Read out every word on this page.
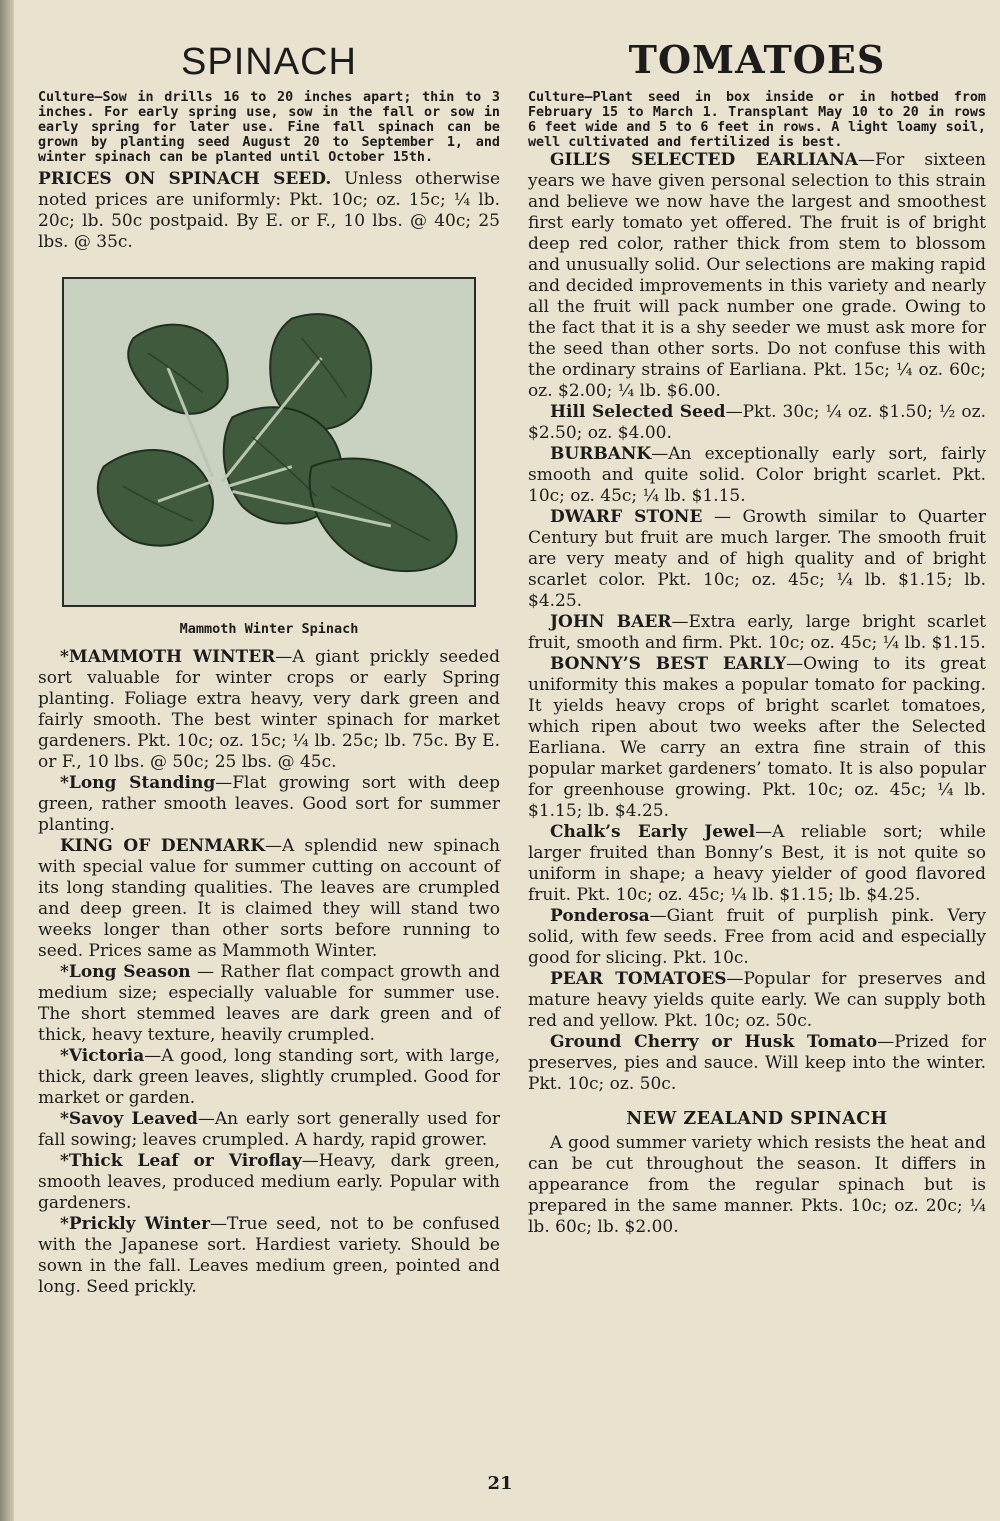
SPINACH

Culture—Sow in drills 16 to 20 inches apart; thin to 3 inches. For early spring use, sow in the fall or sow in early spring for later use. Fine fall spinach can be grown by planting seed August 20 to September 1, and winter spinach can be planted until October 15th.

PRICES ON SPINACH SEED. Unless otherwise noted prices are uniformly: Pkt. 10c; oz. 15c; ¼ lb. 20c; lb. 50c postpaid. By E. or F., 10 lbs. @ 40c; 25 lbs. @ 35c.

Mammoth Winter Spinach

*MAMMOTH WINTER—A giant prickly seeded sort valuable for winter crops or early Spring planting. Foliage extra heavy, very dark green and fairly smooth. The best winter spinach for market gardeners. Pkt. 10c; oz. 15c; ¼ lb. 25c; lb. 75c. By E. or F., 10 lbs. @ 50c; 25 lbs. @ 45c.

*Long Standing—Flat growing sort with deep green, rather smooth leaves. Good sort for summer planting.

KING OF DENMARK—A splendid new spinach with special value for summer cutting on account of its long standing qualities. The leaves are crumpled and deep green. It is claimed they will stand two weeks longer than other sorts before running to seed. Prices same as Mammoth Winter.

*Long Season — Rather flat compact growth and medium size; especially valuable for summer use. The short stemmed leaves are dark green and of thick, heavy texture, heavily crumpled.

*Victoria—A good, long standing sort, with large, thick, dark green leaves, slightly crumpled. Good for market or garden.

*Savoy Leaved—An early sort generally used for fall sowing; leaves crumpled. A hardy, rapid grower.

*Thick Leaf or Viroflay—Heavy, dark green, smooth leaves, produced medium early. Popular with gardeners.

*Prickly Winter—True seed, not to be confused with the Japanese sort. Hardiest variety. Should be sown in the fall. Leaves medium green, pointed and long. Seed prickly.

TOMATOES

Culture—Plant seed in box inside or in hotbed from February 15 to March 1. Transplant May 10 to 20 in rows 6 feet wide and 5 to 6 feet in rows. A light loamy soil, well cultivated and fertilized is best.

GILL’S SELECTED EARLIANA—For sixteen years we have given personal selection to this strain and believe we now have the largest and smoothest first early tomato yet offered. The fruit is of bright deep red color, rather thick from stem to blossom and unusually solid. Our selections are making rapid and decided improvements in this variety and nearly all the fruit will pack number one grade. Owing to the fact that it is a shy seeder we must ask more for the seed than other sorts. Do not confuse this with the ordinary strains of Earliana. Pkt. 15c; ¼ oz. 60c; oz. $2.00; ¼ lb. $6.00.

Hill Selected Seed—Pkt. 30c; ¼ oz. $1.50; ½ oz. $2.50; oz. $4.00.

BURBANK—An exceptionally early sort, fairly smooth and quite solid. Color bright scarlet. Pkt. 10c; oz. 45c; ¼ lb. $1.15.

DWARF STONE — Growth similar to Quarter Century but fruit are much larger. The smooth fruit are very meaty and of high quality and of bright scarlet color. Pkt. 10c; oz. 45c; ¼ lb. $1.15; lb. $4.25.

JOHN BAER—Extra early, large bright scarlet fruit, smooth and firm. Pkt. 10c; oz. 45c; ¼ lb. $1.15.

BONNY’S BEST EARLY—Owing to its great uniformity this makes a popular tomato for packing. It yields heavy crops of bright scarlet tomatoes, which ripen about two weeks after the Selected Earliana. We carry an extra fine strain of this popular market gardeners’ tomato. It is also popular for greenhouse growing. Pkt. 10c; oz. 45c; ¼ lb. $1.15; lb. $4.25.

Chalk’s Early Jewel—A reliable sort; while larger fruited than Bonny’s Best, it is not quite so uniform in shape; a heavy yielder of good flavored fruit. Pkt. 10c; oz. 45c; ¼ lb. $1.15; lb. $4.25.

Ponderosa—Giant fruit of purplish pink. Very solid, with few seeds. Free from acid and especially good for slicing. Pkt. 10c.

PEAR TOMATOES—Popular for preserves and mature heavy yields quite early. We can supply both red and yellow. Pkt. 10c; oz. 50c.

Ground Cherry or Husk Tomato—Prized for preserves, pies and sauce. Will keep into the winter. Pkt. 10c; oz. 50c.

NEW ZEALAND SPINACH

A good summer variety which resists the heat and can be cut throughout the season. It differs in appearance from the regular spinach but is prepared in the same manner. Pkts. 10c; oz. 20c; ¼ lb. 60c; lb. $2.00.

21
